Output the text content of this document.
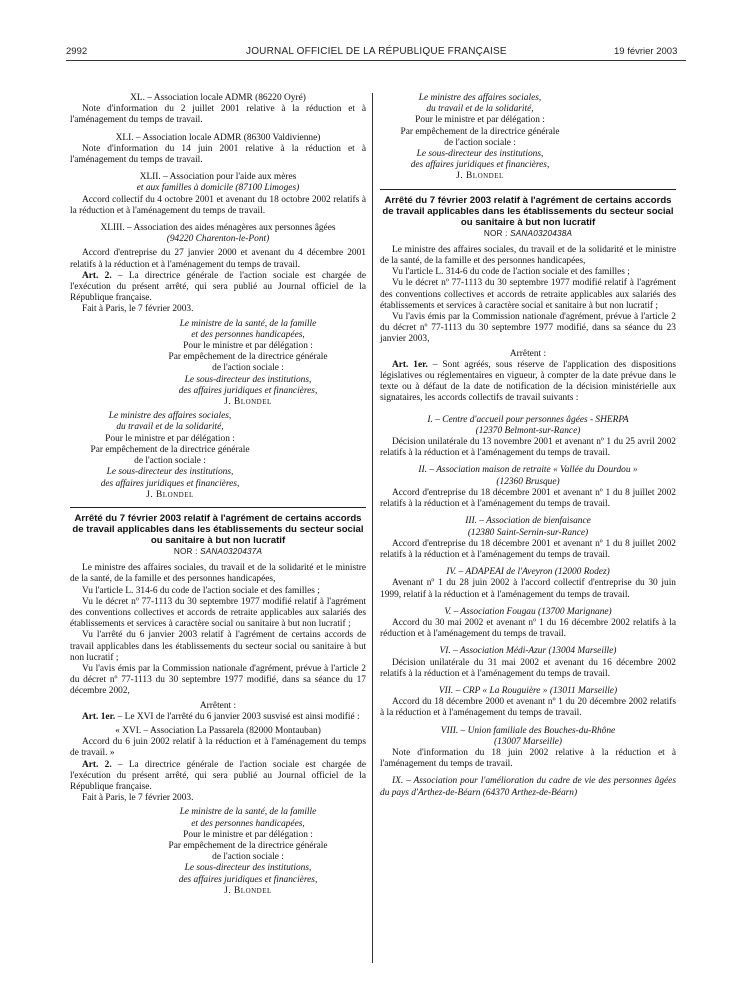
2992	JOURNAL OFFICIEL DE LA RÉPUBLIQUE FRANÇAISE	19 février 2003

XL. – Association locale ADMR (86220 Oyré)

Note d'information du 2 juillet 2001 relative à la réduction et à l'aménagement du temps de travail.

XLI. – Association locale ADMR (86300 Valdivienne)

Note d'information du 14 juin 2001 relative à la réduction et à l'aménagement du temps de travail.

XLII. – Association pour l'aide aux mères

et aux familles à domicile (87100 Limoges)

Accord collectif du 4 octobre 2001 et avenant du 18 octobre 2002 relatifs à la réduction et à l'aménagement du temps de travail.

XLIII. – Association des aides ménagères aux personnes âgées

(94220 Charenton-le-Pont)

Accord d'entreprise du 27 janvier 2000 et avenant du 4 décembre 2001 relatifs à la réduction et à l'aménagement du temps de travail.

Art. 2. – La directrice générale de l'action sociale est chargée de l'exécution du présent arrêté, qui sera publié au Journal officiel de la République française.

Fait à Paris, le 7 février 2003.

Le ministre de la santé, de la famille

et des personnes handicapées,

Pour le ministre et par délégation :

Par empêchement de la directrice générale

de l'action sociale :

Le sous-directeur des institutions,

des affaires juridiques et financières,

J. Blondel

Le ministre des affaires sociales,

du travail et de la solidarité,

Pour le ministre et par délégation :

Par empêchement de la directrice générale

de l'action sociale :

Le sous-directeur des institutions,

des affaires juridiques et financières,

J. Blondel

Arrêté du 7 février 2003 relatif à l'agrément de certains accords de travail applicables dans les établissements du secteur social ou sanitaire à but non lucratif

NOR : SANA0320437A

Le ministre des affaires sociales, du travail et de la solidarité et le ministre de la santé, de la famille et des personnes handicapées,

Vu l'article L. 314-6 du code de l'action sociale et des familles ;

Vu le décret nº 77-1113 du 30 septembre 1977 modifié relatif à l'agrément des conventions collectives et accords de retraite applicables aux salariés des établissements et services à caractère social ou sanitaire à but non lucratif ;

Vu l'arrêté du 6 janvier 2003 relatif à l'agrément de certains accords de travail applicables dans les établissements du secteur social ou sanitaire à but non lucratif ;

Vu l'avis émis par la Commission nationale d'agrément, prévue à l'article 2 du décret nº 77-1113 du 30 septembre 1977 modifié, dans sa séance du 17 décembre 2002,

Arrêtent :

Art. 1er. – Le XVI de l'arrêté du 6 janvier 2003 susvisé est ainsi modifié :

« XVI. – Association La Passarela (82000 Montauban)

Accord du 6 juin 2002 relatif à la réduction et à l'aménagement du temps de travail. »

Art. 2. – La directrice générale de l'action sociale est chargée de l'exécution du présent arrêté, qui sera publié au Journal officiel de la République française.

Fait à Paris, le 7 février 2003.

Le ministre de la santé, de la famille

et des personnes handicapées,

Pour le ministre et par délégation :

Par empêchement de la directrice générale

de l'action sociale :

Le sous-directeur des institutions,

des affaires juridiques et financières,

J. Blondel

Le ministre des affaires sociales,

du travail et de la solidarité,

Pour le ministre et par délégation :

Par empêchement de la directrice générale

de l'action sociale :

Le sous-directeur des institutions,

des affaires juridiques et financières,

J. Blondel

Arrêté du 7 février 2003 relatif à l'agrément de certains accords de travail applicables dans les établissements du secteur social ou sanitaire à but non lucratif

NOR : SANA0320438A

Le ministre des affaires sociales, du travail et de la solidarité et le ministre de la santé, de la famille et des personnes handicapées,

Vu l'article L. 314-6 du code de l'action sociale et des familles ;

Vu le décret nº 77-1113 du 30 septembre 1977 modifié relatif à l'agrément des conventions collectives et accords de retraite applicables aux salariés des établissements et services à caractère social et sanitaire à but non lucratif ;

Vu l'avis émis par la Commission nationale d'agrément, prévue à l'article 2 du décret nº 77-1113 du 30 septembre 1977 modifié, dans sa séance du 23 janvier 2003,

Arrêtent :

Art. 1er. – Sont agréés, sous réserve de l'application des dispositions législatives ou réglementaires en vigueur, à compter de la date prévue dans le texte ou à défaut de la date de notification de la décision ministérielle aux signataires, les accords collectifs de travail suivants :

I. – Centre d'accueil pour personnes âgées - SHERPA

(12370 Belmont-sur-Rance)

Décision unilatérale du 13 novembre 2001 et avenant nº 1 du 25 avril 2002 relatifs à la réduction et à l'aménagement du temps de travail.

II. – Association maison de retraite « Vallée du Dourdou »

(12360 Brusque)

Accord d'entreprise du 18 décembre 2001 et avenant nº 1 du 8 juillet 2002 relatifs à la réduction et à l'aménagement du temps de travail.

III. – Association de bienfaisance

(12380 Saint-Sernin-sur-Rance)

Accord d'entreprise du 18 décembre 2001 et avenant nº 1 du 8 juillet 2002 relatifs à la réduction et à l'aménagement du temps de travail.

IV. – ADAPEAI de l'Aveyron (12000 Rodez)

Avenant nº 1 du 28 juin 2002 à l'accord collectif d'entreprise du 30 juin 1999, relatif à la réduction et à l'aménagement du temps de travail.

V. – Association Fougau (13700 Marignane)

Accord du 30 mai 2002 et avenant nº 1 du 16 décembre 2002 relatifs à la réduction et à l'aménagement du temps de travail.

VI. – Association Médi-Azur (13004 Marseille)

Décision unilatérale du 31 mai 2002 et avenant du 16 décembre 2002 relatifs à la réduction et à l'aménagement du temps de travail.

VII. – CRP « La Rouguière » (13011 Marseille)

Accord du 18 décembre 2000 et avenant nº 1 du 20 décembre 2002 relatifs à la réduction et à l'aménagement du temps de travail.

VIII. – Union familiale des Bouches-du-Rhône

(13007 Marseille)

Note d'information du 18 juin 2002 relative à la réduction et à l'aménagement du temps de travail.

IX. – Association pour l'amélioration du cadre de vie des personnes âgées du pays d'Arthez-de-Béarn (64370 Arthez-de-Béarn)
